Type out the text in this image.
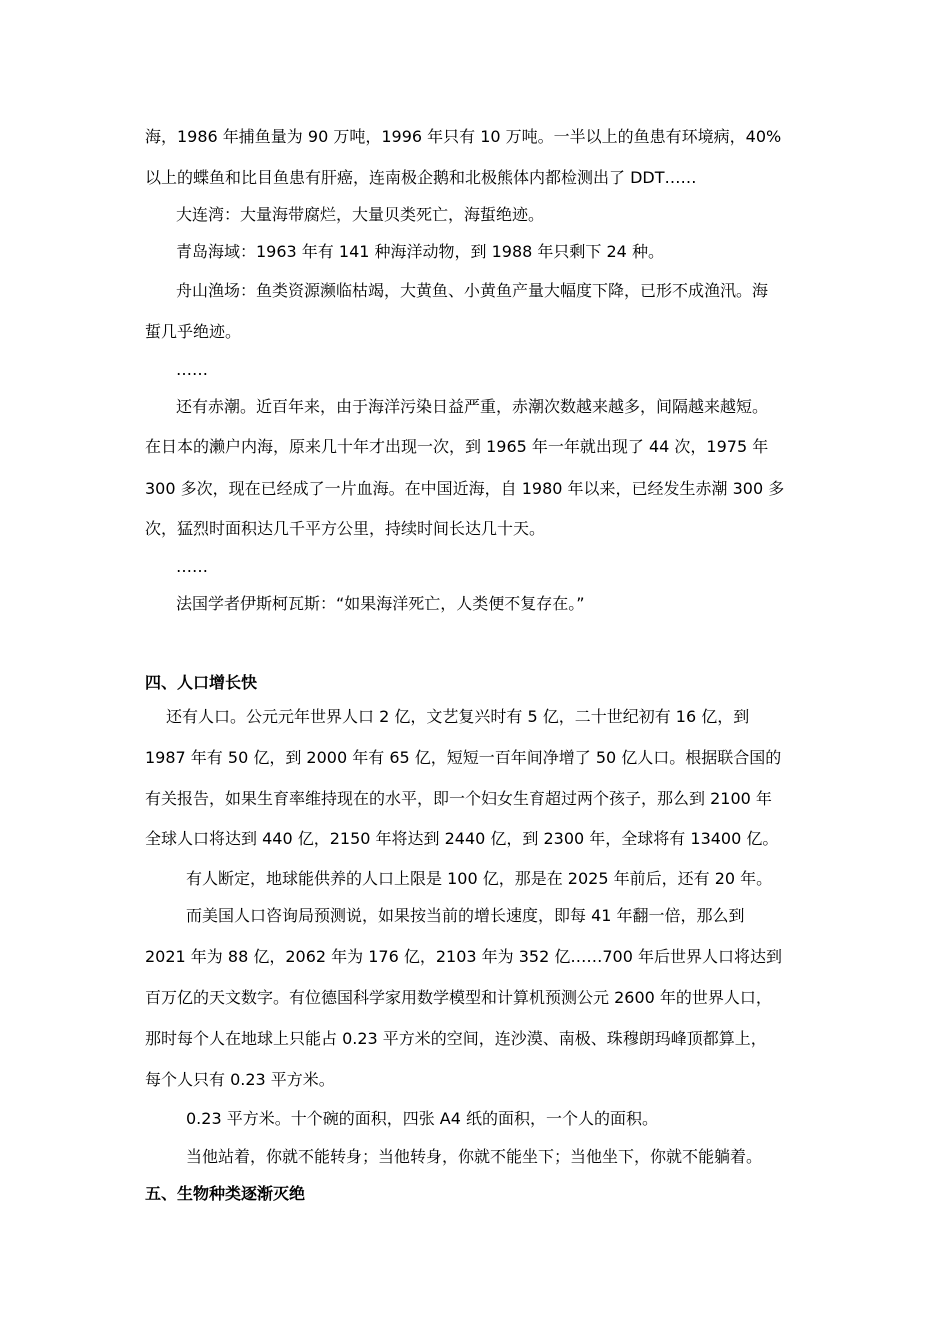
海，1986 年捕鱼量为 90 万吨，1996 年只有 10 万吨。一半以上的鱼患有环境病，40%
以上的蝶鱼和比目鱼患有肝癌，连南极企鹅和北极熊体内都检测出了 DDT……
大连湾：大量海带腐烂，大量贝类死亡，海蜇绝迹。
青岛海域：1963 年有 141 种海洋动物，到 1988 年只剩下 24 种。
舟山渔场：鱼类资源濒临枯竭，大黄鱼、小黄鱼产量大幅度下降，已形不成渔汛。海
蜇几乎绝迹。
……
还有赤潮。近百年来，由于海洋污染日益严重，赤潮次数越来越多，间隔越来越短。
在日本的濑户内海，原来几十年才出现一次，到 1965 年一年就出现了 44 次，1975 年
300 多次，现在已经成了一片血海。在中国近海，自 1980 年以来，已经发生赤潮 300 多
次，猛烈时面积达几千平方公里，持续时间长达几十天。
……
法国学者伊斯柯瓦斯：“如果海洋死亡，人类便不复存在。”
四、人口增长快
还有人口。公元元年世界人口 2 亿，文艺复兴时有 5 亿，二十世纪初有 16 亿，到
1987 年有 50 亿，到 2000 年有 65 亿，短短一百年间净增了 50 亿人口。根据联合国的
有关报告，如果生育率维持现在的水平，即一个妇女生育超过两个孩子，那么到 2100 年
全球人口将达到 440 亿，2150 年将达到 2440 亿，到 2300 年，全球将有 13400 亿。
有人断定，地球能供养的人口上限是 100 亿，那是在 2025 年前后，还有 20 年。
而美国人口咨询局预测说，如果按当前的增长速度，即每 41 年翻一倍，那么到
2021 年为 88 亿，2062 年为 176 亿，2103 年为 352 亿……700 年后世界人口将达到
百万亿的天文数字。有位德国科学家用数学模型和计算机预测公元 2600 年的世界人口，
那时每个人在地球上只能占 0.23 平方米的空间，连沙漠、南极、珠穆朗玛峰顶都算上，
每个人只有 0.23 平方米。
0.23 平方米。十个碗的面积，四张 A4 纸的面积，一个人的面积。
当他站着，你就不能转身；当他转身，你就不能坐下；当他坐下，你就不能躺着。
五、生物种类逐渐灭绝
